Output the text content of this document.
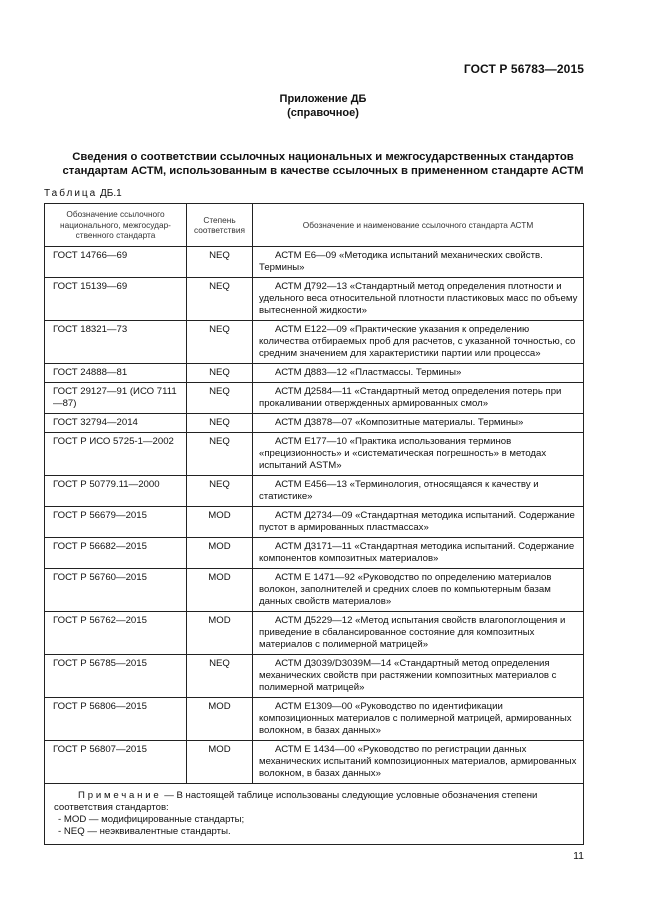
ГОСТ Р 56783—2015
Приложение ДБ
(справочное)
Сведения о соответствии ссылочных национальных и межгосударственных стандартов
стандартам АСТМ, использованным в качестве ссылочных в примененном стандарте АСТМ
Таблица ДБ.1
Обозначение ссылочного национального, межгосудар-ственного стандарта	Степень соответствия	Обозначение и наименование ссылочного стандарта АСТМ
ГОСТ 14766—69	NEQ	АСТМ Е6—09 «Методика испытаний механических свойств. Термины»

ГОСТ 15139—69	NEQ	АСТМ Д792—13 «Стандартный метод определения плотности и удельного веса относительной плотности пластиковых масс по объему вытесненной жидкости»

ГОСТ 18321—73	NEQ	АСТМ Е122—09 «Практические указания к определению количества отбираемых проб для расчетов, с указанной точностью, со средним значением для характеристики партии или процесса»

ГОСТ 24888—81	NEQ	АСТМ Д883—12 «Пластмассы. Термины»

ГОСТ 29127—91 (ИСО 7111—87)	NEQ	АСТМ Д2584—11 «Стандартный метод определения потерь при прокаливании отвержденных армированных смол»

ГОСТ 32794—2014	NEQ	АСТМ Д3878—07 «Композитные материалы. Термины»

ГОСТ Р ИСО 5725-1—2002	NEQ	АСТМ Е177—10 «Практика использования терминов «прецизионность» и «систематическая погрешность» в методах испытаний ASTM»

ГОСТ Р 50779.11—2000	NEQ	АСТМ Е456—13 «Терминология, относящаяся к качеству и статистике»

ГОСТ Р 56679—2015	MOD	АСТМ Д2734—09 «Стандартная методика испытаний. Содержание пустот в армированных пластмассах»

ГОСТ Р 56682—2015	MOD	АСТМ Д3171—11 «Стандартная методика испытаний. Содержание компонентов композитных материалов»

ГОСТ Р 56760—2015	MOD	АСТМ Е 1471—92 «Руководство по определению материалов волокон, заполнителей и средних слоев по компьютерным базам данных свойств материалов»

ГОСТ Р 56762—2015	MOD	АСТМ Д5229—12 «Метод испытания свойств влагопоглощения и приведение в сбалансированное состояние для композитных материалов с полимерной матрицей»

ГОСТ Р 56785—2015	NEQ	АСТМ Д3039/D3039M—14 «Стандартный метод определения механических свойств при растяжении композитных материалов с полимерной матрицей»

ГОСТ Р 56806—2015	MOD	АСТМ Е1309—00 «Руководство по идентификации композиционных материалов с полимерной матрицей, армированных волокном, в базах данных»

ГОСТ Р 56807—2015	MOD	АСТМ Е 1434—00 «Руководство по регистрации данных механических испытаний композиционных материалов, армированных волокном, в базах данных»

Примечание — В настоящей таблице использованы следующие условные обозначения степени соответствия стандартов:
- MOD — модифицированные стандарты;
- NEQ — неэквивалентные стандарты.		
11
